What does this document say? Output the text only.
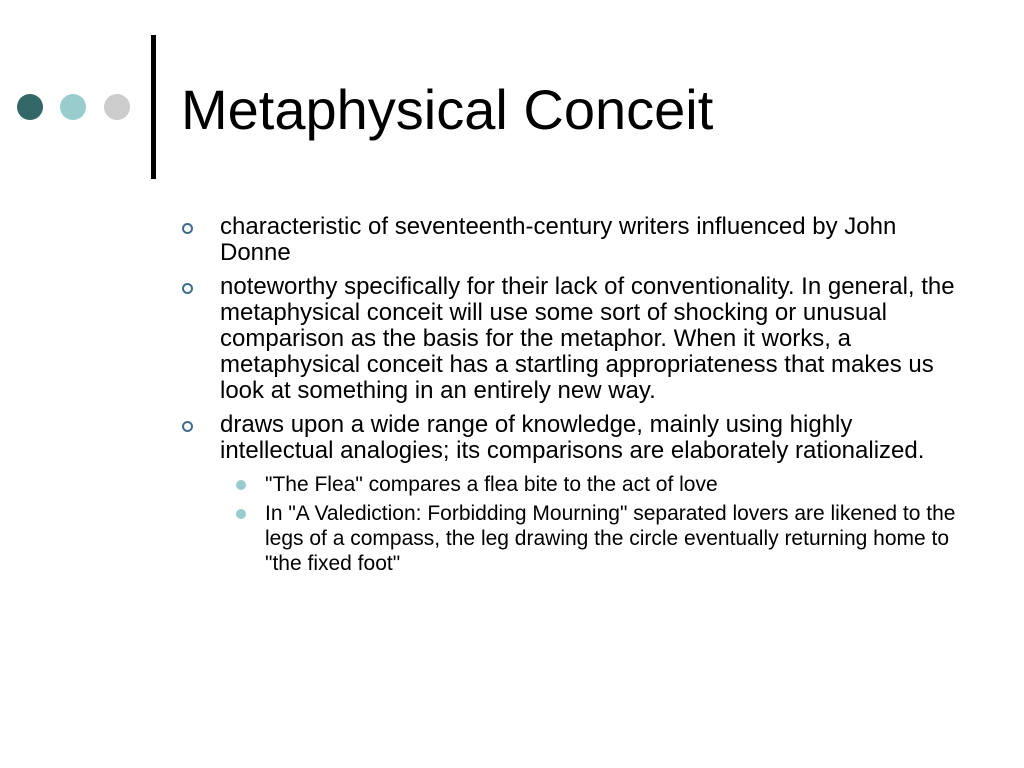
Metaphysical Conceit
characteristic of seventeenth-century writers influenced by John Donne
noteworthy specifically for their lack of conventionality. In general, the metaphysical conceit will use some sort of shocking or unusual comparison as the basis for the metaphor. When it works, a metaphysical conceit has a startling appropriateness that makes us look at something in an entirely new way.
draws upon a wide range of knowledge, mainly using highly intellectual analogies; its comparisons are elaborately rationalized.
"The Flea" compares a flea bite to the act of love
In "A Valediction: Forbidding Mourning" separated lovers are likened to the legs of a compass, the leg drawing the circle eventually returning home to "the fixed foot"
